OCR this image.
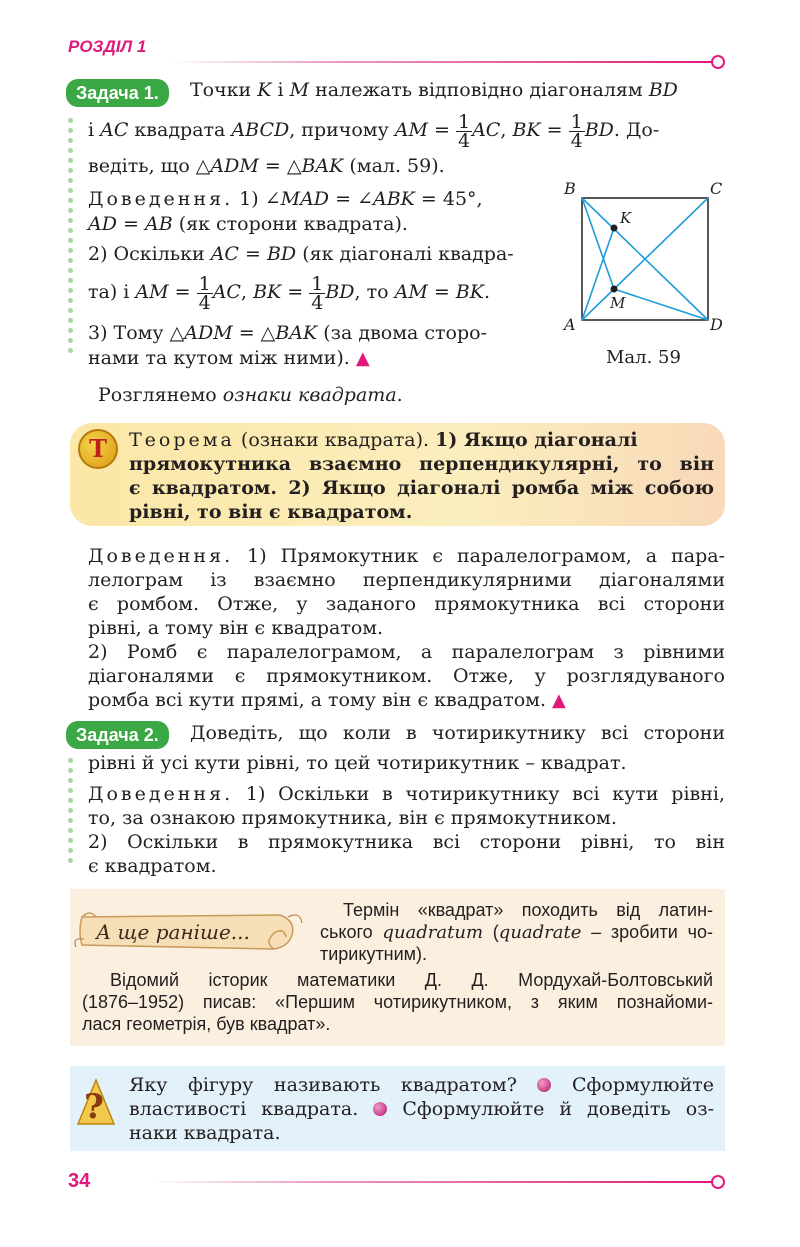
РОЗДІЛ 1
Задача 1.	Точки K і M належать відповідно діагоналям BD

і AC квадрата ABCD, причому AM = $\frac{1}{4}$ AC, BK = $\frac{1}{4}$ BD. До-

ведіть, що △ADM = △BAK (мал. 59).

Доведення. 1) ∠MAD = ∠ABK = 45°,

AD = AB (як сторони квадрата).

2) Оскільки AC = BD (як діагоналі квадра-

та) і AM = $\frac{1}{4}$ AC, BK = $\frac{1}{4}$ BD, то AM = BK.

3) Тому △ADM = △BAK (за двома сторо-

нами та кутом між ними). ▲

B	C
A	D
K
M
Мал. 59

Розглянемо ознаки квадрата.

Т	Теорема (ознаки квадрата). 1) Якщо діагоналі

прямокутника взаємно перпендикулярні, то він

є квадратом. 2) Якщо діагоналі ромба між собою

рівні, то він є квадратом.

Доведення. 1) Прямокутник є паралелограмом, а пара-

лелограм із взаємно перпендикулярними діагоналями

є ромбом. Отже, у заданого прямокутника всі сторони

рівні, а тому він є квадратом.

2) Ромб є паралелограмом, а паралелограм з рівними

діагоналями є прямокутником. Отже, у розглядуваного

ромба всі кути прямі, а тому він є квадратом. ▲

Задача 2.	Доведіть, що коли в чотирикутнику всі сторони

рівні й усі кути рівні, то цей чотирикутник – квадрат.

Доведення. 1) Оскільки в чотирикутнику всі кути рівні,

то, за ознакою прямокутника, він є прямокутником.

2) Оскільки в прямокутника всі сторони рівні, то він

є квадратом.

А ще раніше...

Термін «квадрат» походить від латин-

ського quadratum (quadrate – зробити чо-

тирикутним).

Відомий історик математики Д. Д. Мордухай-Болтовський

(1876–1952) писав: «Першим чотирикутником, з яким познайоми-

лася геометрія, був квадрат».

?

Яку фігуру називають квадратом?  Сформулюйте

властивості квадрата.  Сформулюйте й доведіть оз-

наки квадрата.

34
